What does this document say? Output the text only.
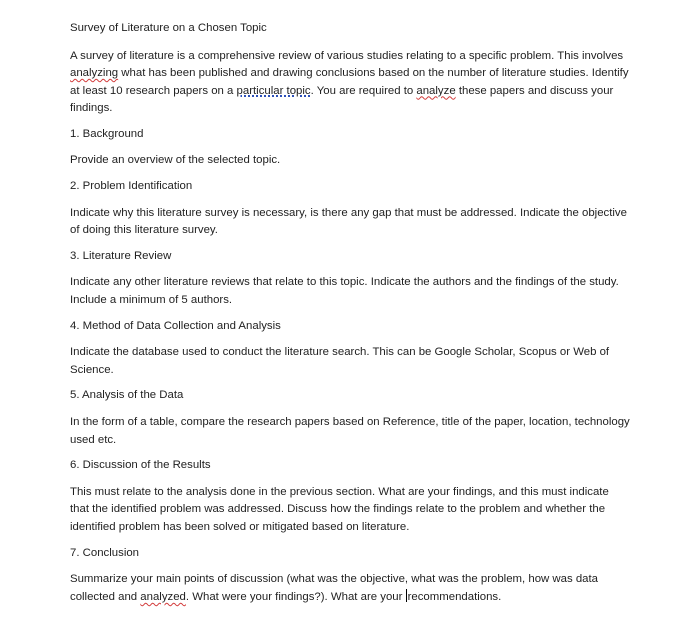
Survey of Literature on a Chosen Topic

A survey of literature is a comprehensive review of various studies relating to a specific problem. This involves analyzing what has been published and drawing conclusions based on the number of literature studies. Identify at least 10 research papers on a particular topic. You are required to analyze these papers and discuss your findings.

1. Background

Provide an overview of the selected topic.

2. Problem Identification

Indicate why this literature survey is necessary, is there any gap that must be addressed. Indicate the objective of doing this literature survey.

3. Literature Review

Indicate any other literature reviews that relate to this topic. Indicate the authors and the findings of the study. Include a minimum of 5 authors.

4. Method of Data Collection and Analysis

Indicate the database used to conduct the literature search. This can be Google Scholar, Scopus or Web of Science.

5. Analysis of the Data

In the form of a table, compare the research papers based on Reference, title of the paper, location, technology used etc.

6. Discussion of the Results

This must relate to the analysis done in the previous section. What are your findings, and this must indicate that the identified problem was addressed. Discuss how the findings relate to the problem and whether the identified problem has been solved or mitigated based on literature.

7. Conclusion

Summarize your main points of discussion (what was the objective, what was the problem, how was data collected and analyzed. What were your findings?). What are your recommendations.
